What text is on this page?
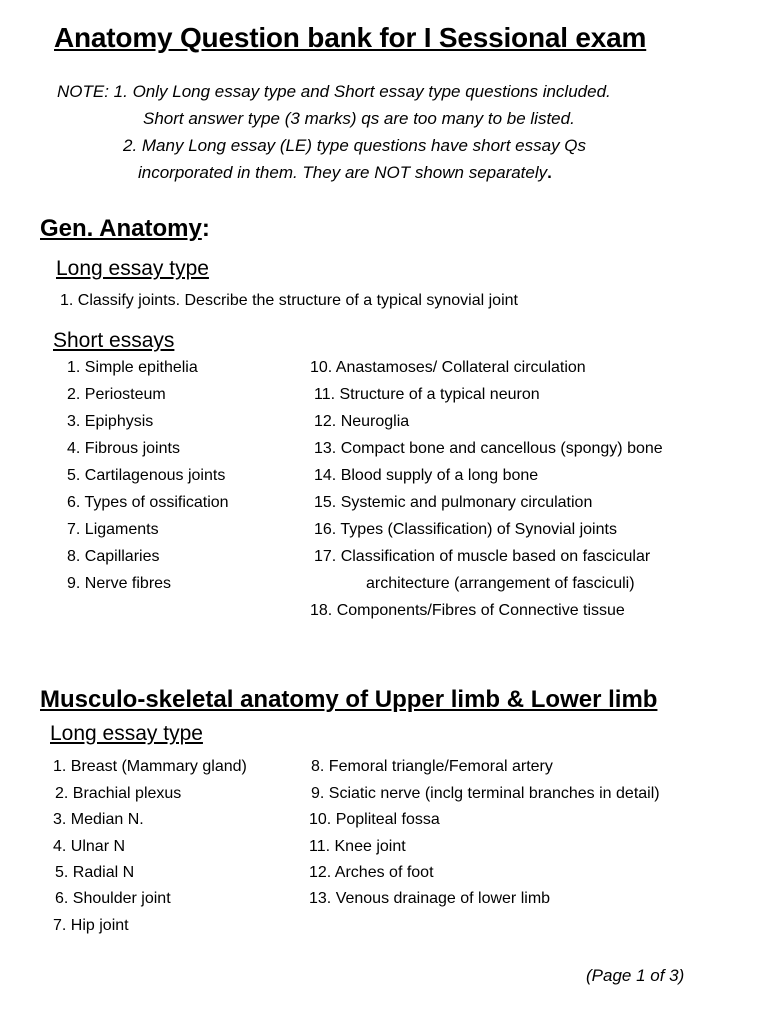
Anatomy Question bank for I Sessional exam
NOTE: 1. Only Long essay type and Short essay type questions included.
Short answer type (3 marks) qs are too many to be listed.
2. Many Long essay (LE) type questions have short essay Qs
incorporated in them. They are NOT shown separately.
Gen. Anatomy:
Long essay type
1. Classify joints. Describe the structure of a typical synovial joint
Short essays
1. Simple epithelia
2. Periosteum
3. Epiphysis
4. Fibrous joints
5. Cartilagenous joints
6. Types of ossification
7. Ligaments
8. Capillaries
9. Nerve fibres
10. Anastamoses/ Collateral circulation
11. Structure of a typical neuron
12. Neuroglia
13. Compact bone and cancellous (spongy) bone
14. Blood supply of a long bone
15. Systemic and pulmonary circulation
16. Types (Classification) of Synovial joints
17. Classification of muscle based on fascicular
architecture (arrangement of fasciculi)
18. Components/Fibres of Connective tissue
Musculo-skeletal anatomy of Upper limb & Lower limb
Long essay type
1. Breast (Mammary gland)
2. Brachial plexus
3. Median N.
4. Ulnar N
5. Radial N
6. Shoulder joint
7. Hip joint
8. Femoral triangle/Femoral artery
9. Sciatic nerve (inclg terminal branches in detail)
10. Popliteal fossa
11. Knee joint
12. Arches of foot
13. Venous drainage of lower limb
(Page 1 of 3)
